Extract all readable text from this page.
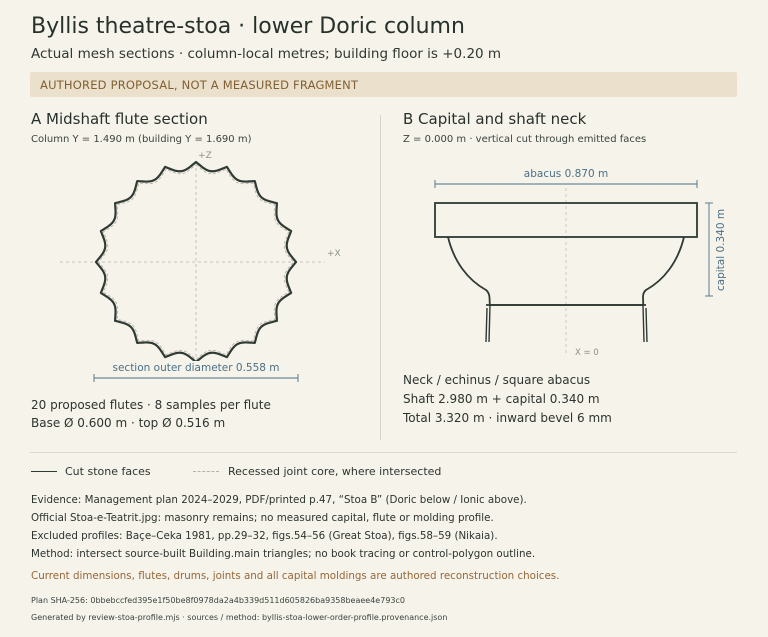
Byllis theatre-stoa · lower Doric column
Actual mesh sections · column-local metres; building floor is +0.20 m
AUTHORED PROPOSAL, NOT A MEASURED FRAGMENT
A Midshaft flute section
Column Y = 1.490 m (building Y = 1.690 m)
+Z
+X
section outer diameter 0.558 m
20 proposed flutes · 8 samples per flute
Base Ø 0.600 m · top Ø 0.516 m
B Capital and shaft neck
Z = 0.000 m · vertical cut through emitted faces
abacus 0.870 m
capital 0.340 m
X = 0
Neck / echinus / square abacus
Shaft 2.980 m + capital 0.340 m
Total 3.320 m · inward bevel 6 mm
Cut stone faces	Recessed joint core, where intersected
Evidence: Management plan 2024–2029, PDF/printed p.47, “Stoa B” (Doric below / Ionic above).
Official Stoa-e-Teatrit.jpg: masonry remains; no measured capital, flute or molding profile.
Excluded profiles: Baçe–Ceka 1981, pp.29–32, figs.54–56 (Great Stoa), figs.58–59 (Nikaia).
Method: intersect source-built Building.main triangles; no book tracing or control-polygon outline.
Current dimensions, flutes, drums, joints and all capital moldings are authored reconstruction choices.
Plan SHA-256: 0bbebccfed395e1f50be8f0978da2a4b339d511d605826ba9358beaee4e793c0
Generated by review-stoa-profile.mjs · sources / method: byllis-stoa-lower-order-profile.provenance.json
